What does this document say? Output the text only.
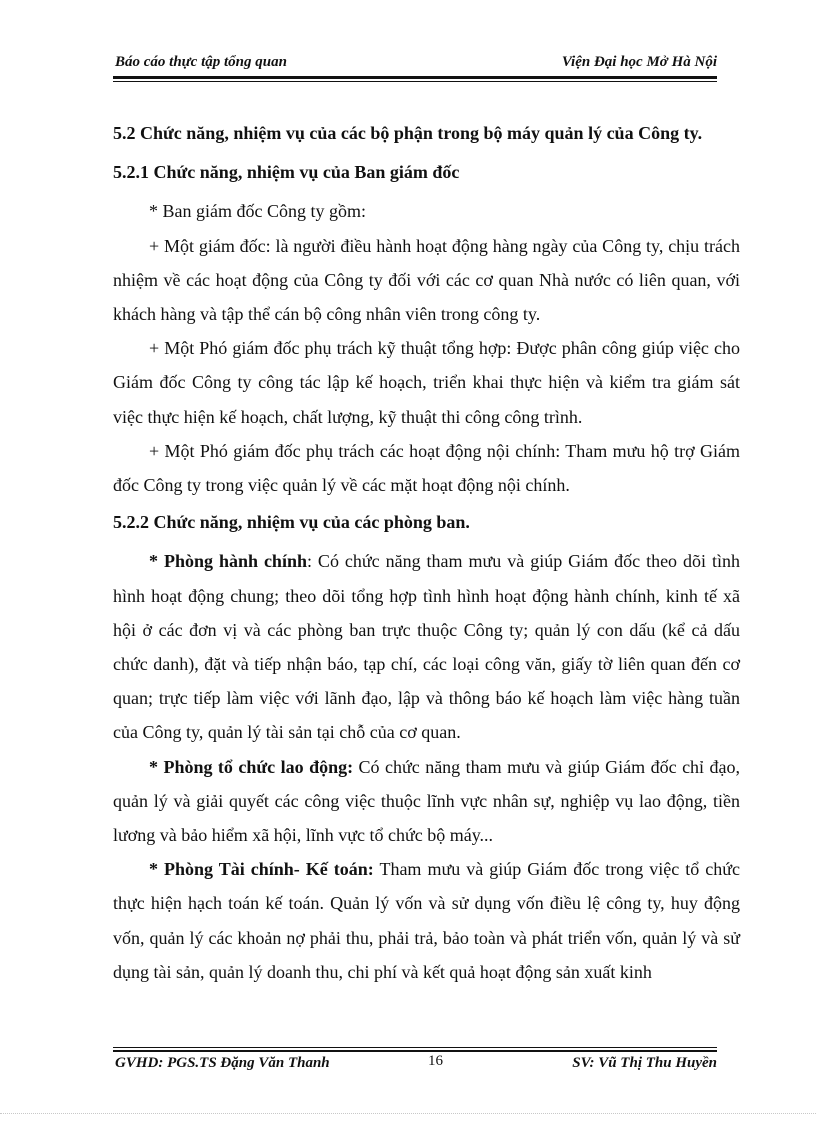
Báo cáo thực tập tổng quan	Viện Đại học Mở Hà Nội

5.2 Chức năng, nhiệm vụ của các bộ phận trong bộ máy quản lý của Công ty.

5.2.1 Chức năng, nhiệm vụ của Ban giám đốc

* Ban giám đốc Công ty gồm:

+ Một giám đốc: là người điều hành hoạt động hàng ngày của Công ty, chịu trách nhiệm về các hoạt động của Công ty đối với các cơ quan Nhà nước có liên quan, với khách hàng và tập thể cán bộ công nhân viên trong công ty.

+ Một Phó giám đốc phụ trách kỹ thuật tổng hợp: Được phân công giúp việc cho Giám đốc Công ty công tác lập kế hoạch, triển khai thực hiện và kiểm tra giám sát việc thực hiện kế hoạch, chất lượng, kỹ thuật thi công công trình.

+ Một Phó giám đốc phụ trách các hoạt động nội chính: Tham mưu hộ trợ Giám đốc Công ty trong việc quản lý về các mặt hoạt động nội chính.

5.2.2 Chức năng, nhiệm vụ của các phòng ban.

* Phòng hành chính: Có chức năng tham mưu và giúp Giám đốc theo dõi tình hình hoạt động chung; theo dõi tổng hợp tình hình hoạt động hành chính, kinh tế xã hội ở các đơn vị và các phòng ban trực thuộc Công ty; quản lý con dấu (kể cả dấu chức danh), đặt và tiếp nhận báo, tạp chí, các loại công văn, giấy tờ liên quan đến cơ quan; trực tiếp làm việc với lãnh đạo, lập và thông báo kế hoạch làm việc hàng tuần của Công ty, quản lý tài sản tại chỗ của cơ quan.

* Phòng tổ chức lao động: Có chức năng tham mưu và giúp Giám đốc chỉ đạo, quản lý và giải quyết các công việc thuộc lĩnh vực nhân sự, nghiệp vụ lao động, tiền lương và bảo hiểm xã hội, lĩnh vực tổ chức bộ máy...

* Phòng Tài chính- Kế toán: Tham mưu và giúp Giám đốc trong việc tổ chức thực hiện hạch toán kế toán. Quản lý vốn và sử dụng vốn điều lệ công ty, huy động vốn, quản lý các khoản nợ phải thu, phải trả, bảo toàn và phát triển vốn, quản lý và sử dụng tài sản, quản lý doanh thu, chi phí và kết quả hoạt động sản xuất kinh

GVHD: PGS.TS Đặng Văn Thanh	16	SV: Vũ Thị Thu Huyền
